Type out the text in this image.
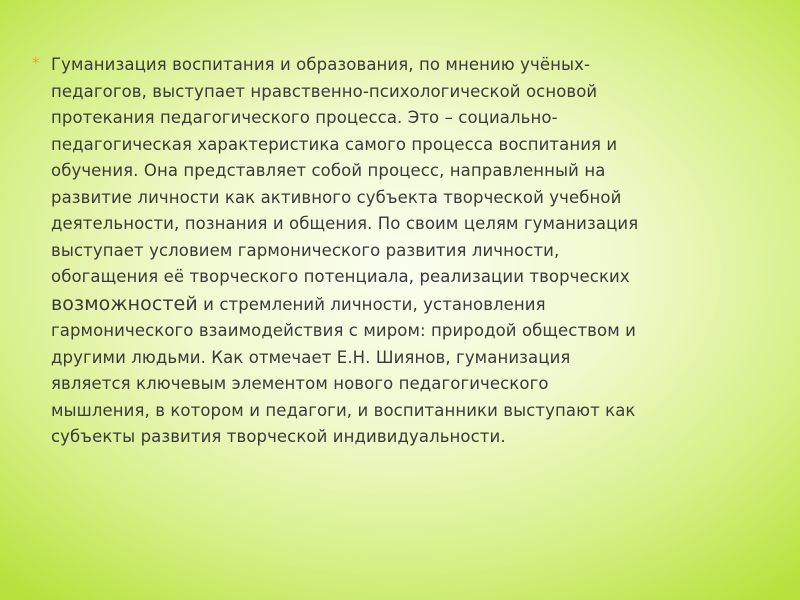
* Гуманизация воспитания и образования, по мнению учёных-
педагогов, выступает нравственно-психологической основой
протекания педагогического процесса. Это – социально-
педагогическая характеристика самого процесса воспитания и
обучения. Она представляет собой процесс, направленный на
развитие личности как активного субъекта творческой учебной
деятельности, познания и общения. По своим целям гуманизация
выступает условием гармонического развития личности,
обогащения её творческого потенциала, реализации творческих
возможностей и стремлений личности, установления
гармонического взаимодействия с миром: природой обществом и
другими людьми. Как отмечает Е.Н. Шиянов, гуманизация
является ключевым элементом нового педагогического
мышления, в котором и педагоги, и воспитанники выступают как
субъекты развития творческой индивидуальности.
